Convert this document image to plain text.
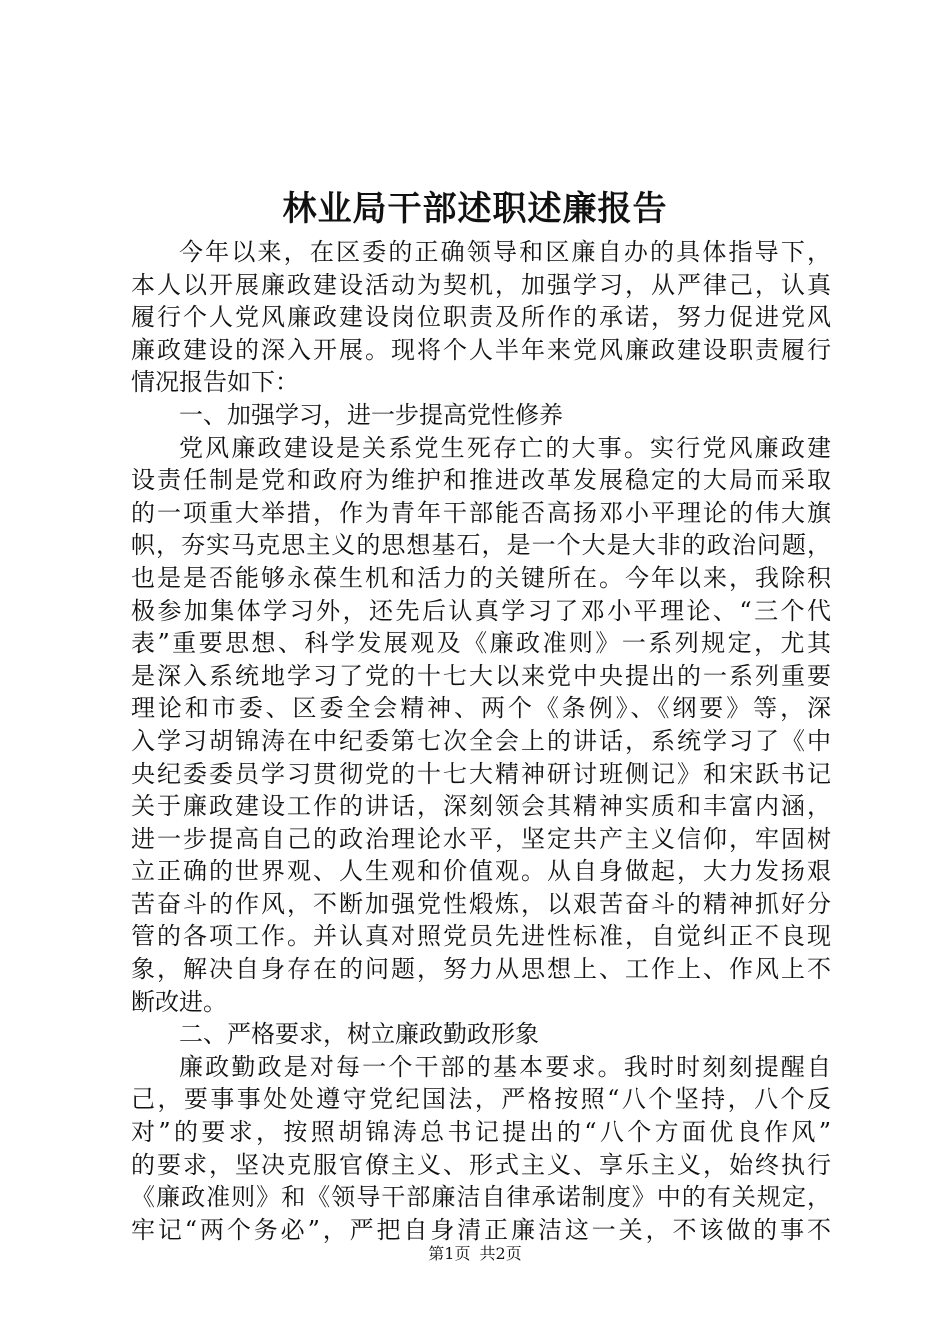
林业局干部述职述廉报告
今年以来，在区委的正确领导和区廉自办的具体指导下，
本人以开展廉政建设活动为契机，加强学习，从严律己，认真
履行个人党风廉政建设岗位职责及所作的承诺，努力促进党风
廉政建设的深入开展。现将个人半年来党风廉政建设职责履行
情况报告如下：
一、加强学习，进一步提高党性修养
党风廉政建设是关系党生死存亡的大事。实行党风廉政建
设责任制是党和政府为维护和推进改革发展稳定的大局而采取
的一项重大举措，作为青年干部能否高扬邓小平理论的伟大旗
帜，夯实马克思主义的思想基石，是一个大是大非的政治问题，
也是是否能够永葆生机和活力的关键所在。今年以来，我除积
极参加集体学习外，还先后认真学习了邓小平理论、“三个代
表”重要思想、科学发展观及《廉政准则》一系列规定，尤其
是深入系统地学习了党的十七大以来党中央提出的一系列重要
理论和市委、区委全会精神、两个《条例》、《纲要》等，深
入学习胡锦涛在中纪委第七次全会上的讲话，系统学习了《中
央纪委委员学习贯彻党的十七大精神研讨班侧记》和宋跃书记
关于廉政建设工作的讲话，深刻领会其精神实质和丰富内涵，
进一步提高自己的政治理论水平，坚定共产主义信仰，牢固树
立正确的世界观、人生观和价值观。从自身做起，大力发扬艰
苦奋斗的作风，不断加强党性煅炼，以艰苦奋斗的精神抓好分
管的各项工作。并认真对照党员先进性标准，自觉纠正不良现
象，解决自身存在的问题，努力从思想上、工作上、作风上不
断改进。
二、严格要求，树立廉政勤政形象
廉政勤政是对每一个干部的基本要求。我时时刻刻提醒自
己，要事事处处遵守党纪国法，严格按照“八个坚持，八个反
对”的要求，按照胡锦涛总书记提出的“八个方面优良作风”
的要求，坚决克服官僚主义、形式主义、享乐主义，始终执行
《廉政准则》和《领导干部廉洁自律承诺制度》中的有关规定，
牢记“两个务必”，严把自身清正廉洁这一关，不该做的事不
第1页 共2页
